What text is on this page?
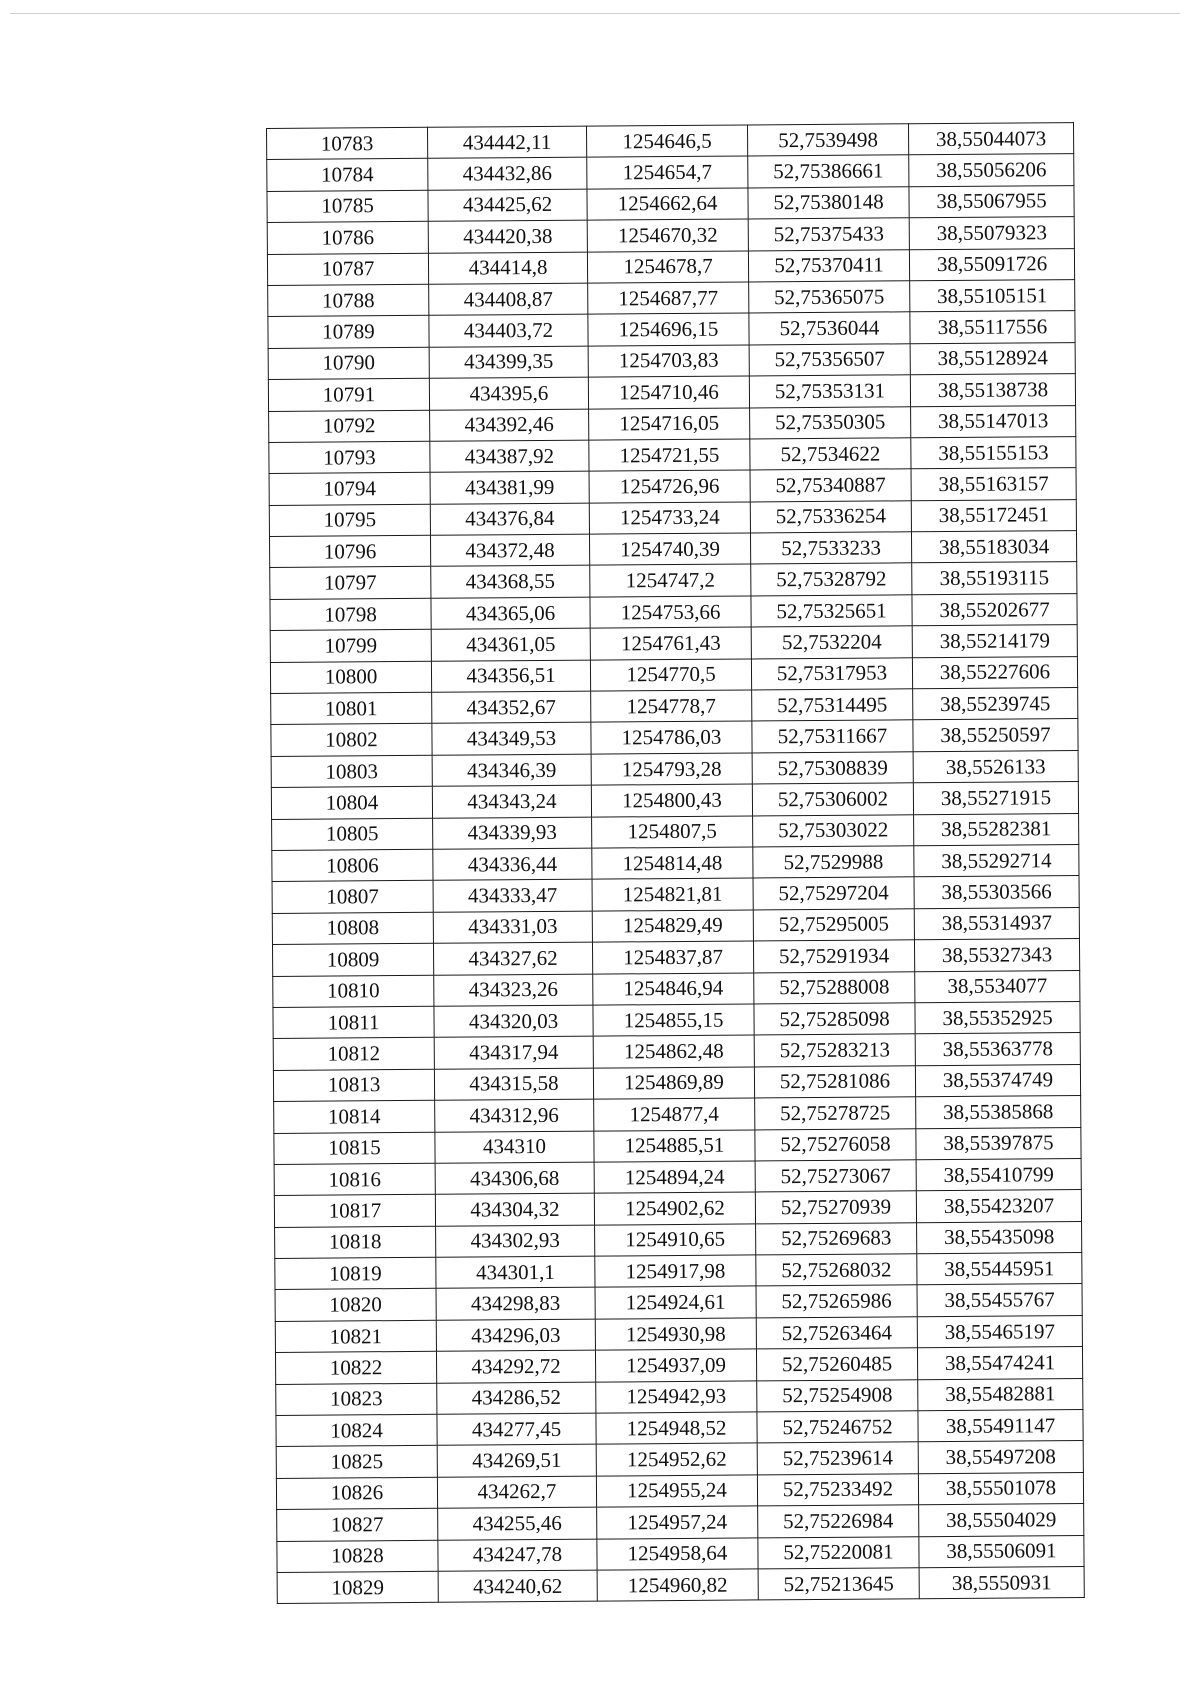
10783	434442,11	1254646,5	52,7539498	38,55044073
10784	434432,86	1254654,7	52,75386661	38,55056206
10785	434425,62	1254662,64	52,75380148	38,55067955
10786	434420,38	1254670,32	52,75375433	38,55079323
10787	434414,8	1254678,7	52,75370411	38,55091726
10788	434408,87	1254687,77	52,75365075	38,55105151
10789	434403,72	1254696,15	52,7536044	38,55117556
10790	434399,35	1254703,83	52,75356507	38,55128924
10791	434395,6	1254710,46	52,75353131	38,55138738
10792	434392,46	1254716,05	52,75350305	38,55147013
10793	434387,92	1254721,55	52,7534622	38,55155153
10794	434381,99	1254726,96	52,75340887	38,55163157
10795	434376,84	1254733,24	52,75336254	38,55172451
10796	434372,48	1254740,39	52,7533233	38,55183034
10797	434368,55	1254747,2	52,75328792	38,55193115
10798	434365,06	1254753,66	52,75325651	38,55202677
10799	434361,05	1254761,43	52,7532204	38,55214179
10800	434356,51	1254770,5	52,75317953	38,55227606
10801	434352,67	1254778,7	52,75314495	38,55239745
10802	434349,53	1254786,03	52,75311667	38,55250597
10803	434346,39	1254793,28	52,75308839	38,5526133
10804	434343,24	1254800,43	52,75306002	38,55271915
10805	434339,93	1254807,5	52,75303022	38,55282381
10806	434336,44	1254814,48	52,7529988	38,55292714
10807	434333,47	1254821,81	52,75297204	38,55303566
10808	434331,03	1254829,49	52,75295005	38,55314937
10809	434327,62	1254837,87	52,75291934	38,55327343
10810	434323,26	1254846,94	52,75288008	38,5534077
10811	434320,03	1254855,15	52,75285098	38,55352925
10812	434317,94	1254862,48	52,75283213	38,55363778
10813	434315,58	1254869,89	52,75281086	38,55374749
10814	434312,96	1254877,4	52,75278725	38,55385868
10815	434310	1254885,51	52,75276058	38,55397875
10816	434306,68	1254894,24	52,75273067	38,55410799
10817	434304,32	1254902,62	52,75270939	38,55423207
10818	434302,93	1254910,65	52,75269683	38,55435098
10819	434301,1	1254917,98	52,75268032	38,55445951
10820	434298,83	1254924,61	52,75265986	38,55455767
10821	434296,03	1254930,98	52,75263464	38,55465197
10822	434292,72	1254937,09	52,75260485	38,55474241
10823	434286,52	1254942,93	52,75254908	38,55482881
10824	434277,45	1254948,52	52,75246752	38,55491147
10825	434269,51	1254952,62	52,75239614	38,55497208
10826	434262,7	1254955,24	52,75233492	38,55501078
10827	434255,46	1254957,24	52,75226984	38,55504029
10828	434247,78	1254958,64	52,75220081	38,55506091
10829	434240,62	1254960,82	52,75213645	38,5550931
